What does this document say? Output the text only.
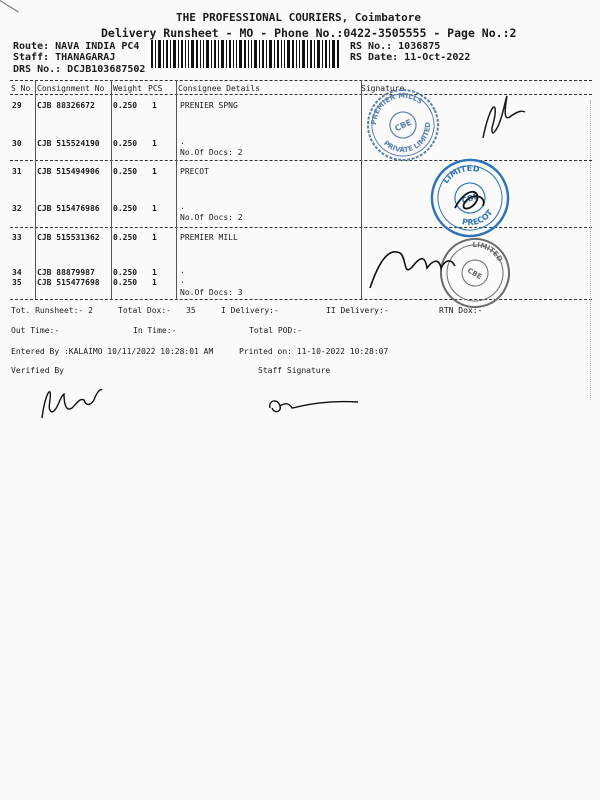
THE PROFESSIONAL COURIERS, Coimbatore
Delivery Runsheet - MO - Phone No.:0422-3505555 - Page No.:2
Route: NAVA INDIA PC4
Staff: THANAGARAJ
DRS No.: DCJB103687502
RS No.: 1036875
RS Date: 11-Oct-2022
S No Consignment No Weight PCS Consignee Details	Signature
29 CJB 88326672 0.250 1	PRENIER SPNG
30 CJB 515524190 0.250 1	.
No.Of Docs: 2
31 CJB 515494906 0.250 1	PRECOT
32 CJB 515476986 0.250 1	.
No.Of Docs: 2
33 CJB 515531362 0.250 1	PREMIER MILL
34 CJB 88879987 0.250 1	.
35 CJB 515477698 0.250 1	.
No.Of Docs: 3
PREMIER MILLS
PRIVATE LIMITED
CBE
LIMITED
PRECOT
CBE
LIMITED
CBE
Tot. Runsheet:- 2	Total Dox:- 35	I Delivery:-	II Delivery:-	RTN Dox:-
Out Time:-	In Time:-	Total POD:-
Entered By :KALAIMO 10/11/2022 10:28:01 AM	Printed on: 11-10-2022 10:28:07
Verified By	Staff Signature
